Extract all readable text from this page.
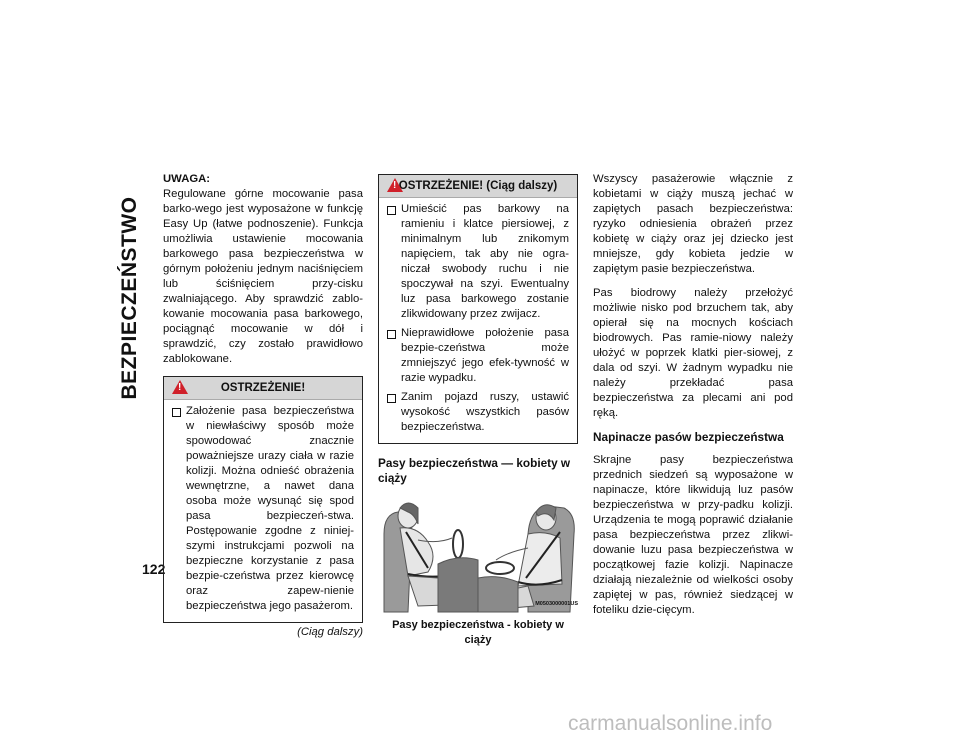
BEZPIECZEŃSTWO
122
UWAGA:

Regulowane górne mocowanie pasa barko-wego jest wyposażone w funkcję Easy Up (łatwe podnoszenie). Funkcja umożliwia ustawienie mocowania barkowego pasa bezpieczeństwa w górnym położeniu jednym naciśnięciem lub ściśnięciem przy-cisku zwalniającego. Aby sprawdzić zablo-kowanie mocowania pasa barkowego, pociągnąć mocowanie w dół i sprawdzić, czy zostało prawidłowo zablokowane.

!	OSTRZEŻENIE!
Założenie pasa bezpieczeństwa w niewłaściwy sposób może spowodować znacznie poważniejsze urazy ciała w razie kolizji. Można odnieść obrażenia wewnętrzne, a nawet dana osoba może wysunąć się spod pasa bezpieczeń-stwa. Postępowanie zgodne z niniej-szymi instrukcjami pozwoli na bezpieczne korzystanie z pasa bezpie-czeństwa przez kierowcę oraz zapew-nienie bezpieczeństwa jego pasażerom.
(Ciąg dalszy)
! OSTRZEŻENIE! (Ciąg dalszy)
Umieścić pas barkowy na ramieniu i klatce piersiowej, z minimalnym lub znikomym napięciem, tak aby nie ogra-niczał swobody ruchu i nie spoczywał na szyi. Ewentualny luz pasa barkowego zostanie zlikwidowany przez zwijacz.
Nieprawidłowe położenie pasa bezpie-czeństwa może zmniejszyć jego efek-tywność w razie wypadku.
Zanim pojazd ruszy, ustawić wysokość wszystkich pasów bezpieczeństwa.
Pasy bezpieczeństwa — kobiety w ciąży
M0503000001US
Pasy bezpieczeństwa - kobiety w ciąży

Wszyscy pasażerowie włącznie z kobietami w ciąży muszą jechać w zapiętych pasach bezpieczeństwa: ryzyko odniesienia obrażeń przez kobietę w ciąży oraz jej dziecko jest mniejsze, gdy kobieta jedzie w zapiętym pasie bezpieczeństwa.

Pas biodrowy należy przełożyć możliwie nisko pod brzuchem tak, aby opierał się na mocnych kościach biodrowych. Pas ramie-niowy należy ułożyć w poprzek klatki pier-siowej, z dala od szyi. W żadnym wypadku nie należy przekładać pasa bezpieczeństwa za plecami ani pod ręką.

Napinacze pasów bezpieczeństwa

Skrajne pasy bezpieczeństwa przednich siedzeń są wyposażone w napinacze, które likwidują luz pasów bezpieczeństwa w przy-padku kolizji. Urządzenia te mogą poprawić działanie pasa bezpieczeństwa przez zlikwi-dowanie luzu pasa bezpieczeństwa w początkowej fazie kolizji. Napinacze działają niezależnie od wielkości osoby zapiętej w pas, również siedzącej w foteliku dzie-cięcym.

carmanualsonline.info
